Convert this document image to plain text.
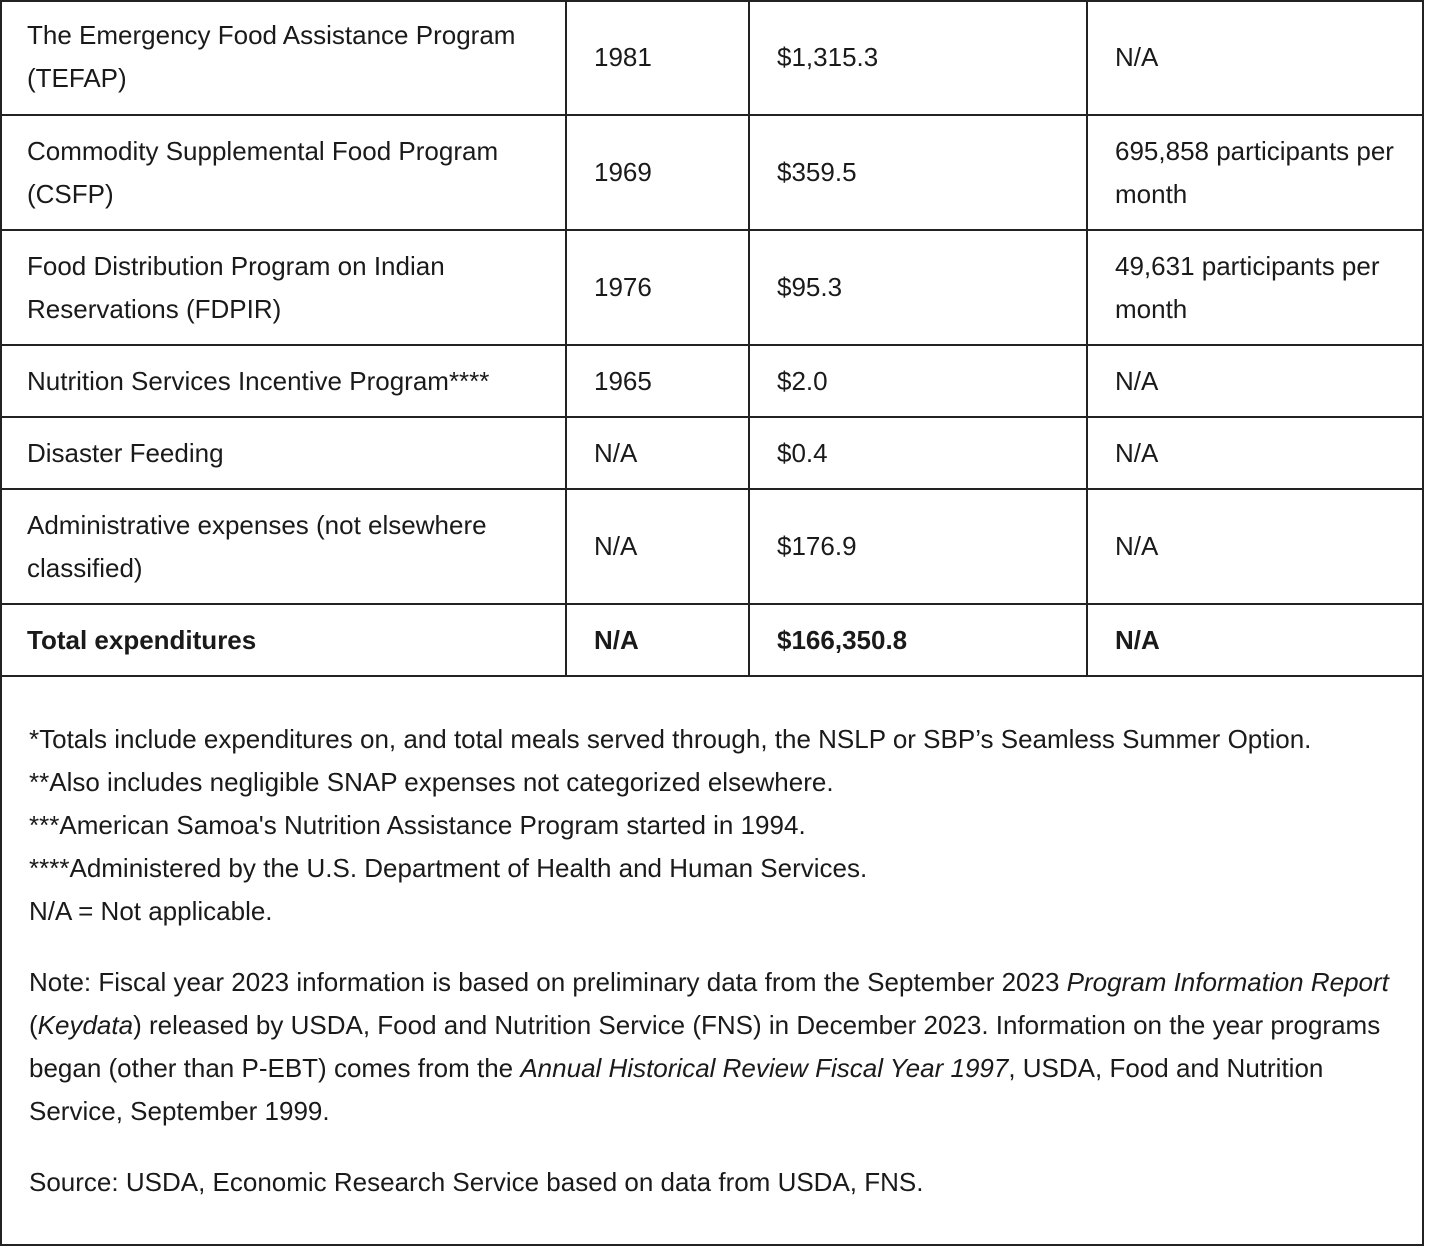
The Emergency Food Assistance Program (TEFAP)	1981	$1,315.3	N/A
Commodity Supplemental Food Program (CSFP)	1969	$359.5	695,858 participants per month
Food Distribution Program on Indian Reservations (FDPIR)	1976	$95.3	49,631 participants per month
Nutrition Services Incentive Program****	1965	$2.0	N/A
Disaster Feeding	N/A	$0.4	N/A
Administrative expenses (not elsewhere classified)	N/A	$176.9	N/A
Total expenditures	N/A	$166,350.8	N/A

*Totals include expenditures on, and total meals served through, the NSLP or SBP’s Seamless Summer Option.

**Also includes negligible SNAP expenses not categorized elsewhere.

***American Samoa's Nutrition Assistance Program started in 1994.

****Administered by the U.S. Department of Health and Human Services.

N/A = Not applicable.

Note: Fiscal year 2023 information is based on preliminary data from the September 2023 Program Information Report (Keydata) released by USDA, Food and Nutrition Service (FNS) in December 2023. Information on the year programs began (other than P-EBT) comes from the Annual Historical Review Fiscal Year 1997, USDA, Food and Nutrition Service, September 1999.

Source: USDA, Economic Research Service based on data from USDA, FNS.
